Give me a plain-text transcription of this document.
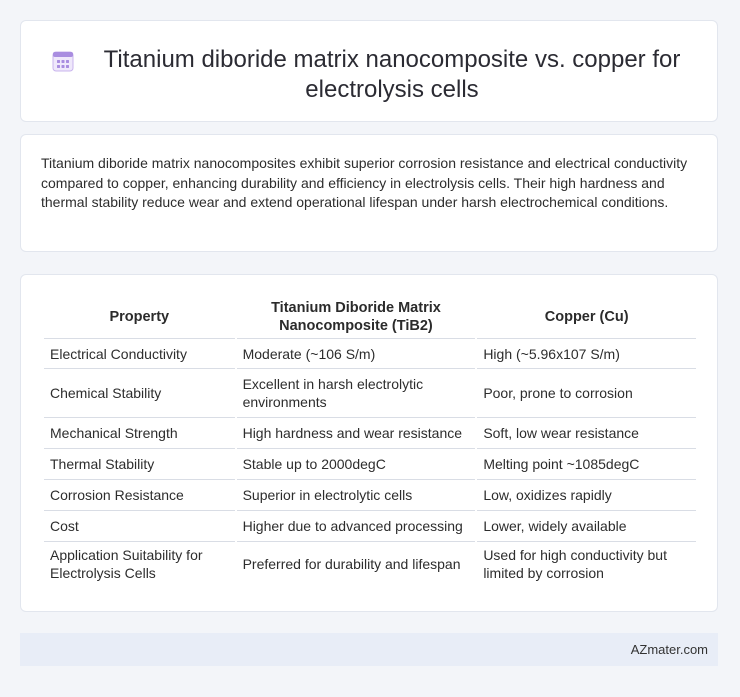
Titanium diboride matrix nanocomposite vs. copper for electrolysis cells

Titanium diboride matrix nanocomposites exhibit superior corrosion resistance and electrical conductivity compared to copper, enhancing durability and efficiency in electrolysis cells. Their high hardness and thermal stability reduce wear and extend operational lifespan under harsh electrochemical conditions.

Property	Titanium Diboride Matrix Nanocomposite (TiB2)	Copper (Cu)
Electrical Conductivity	Moderate (~106 S/m)	High (~5.96x107 S/m)
Chemical Stability	Excellent in harsh electrolytic environments	Poor, prone to corrosion
Mechanical Strength	High hardness and wear resistance	Soft, low wear resistance
Thermal Stability	Stable up to 2000degC	Melting point ~1085degC
Corrosion Resistance	Superior in electrolytic cells	Low, oxidizes rapidly
Cost	Higher due to advanced processing	Lower, widely available
Application Suitability for Electrolysis Cells	Preferred for durability and lifespan	Used for high conductivity but limited by corrosion
AZmater.com
